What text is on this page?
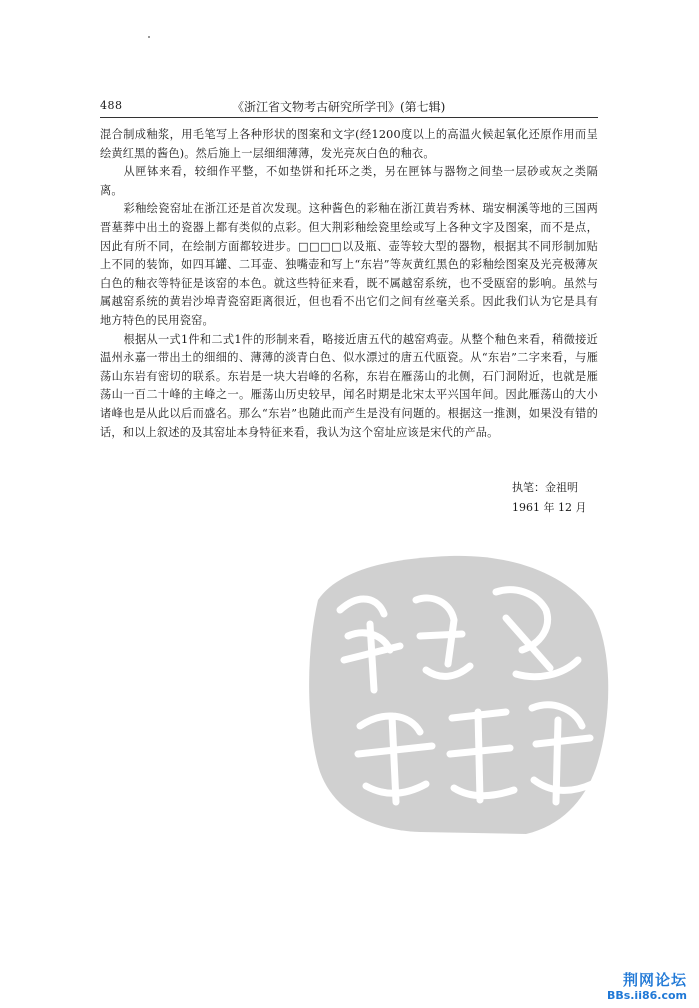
488	《浙江省文物考古研究所学刊》(第七辑)

混合制成釉浆，用毛笔写上各种形状的图案和文字(经1200度以上的高温火候起氧化还原作用而呈绘黄红黑的酱色)。然后施上一层细细薄薄，发光亮灰白色的釉衣。

从匣钵来看，较细作平整，不如垫饼和托环之类，另在匣钵与器物之间垫一层砂或灰之类隔离。

彩釉绘瓷窑址在浙江还是首次发现。这种酱色的彩釉在浙江黄岩秀林、瑞安桐溪等地的三国两晋墓葬中出土的瓷器上都有类似的点彩。但大荆彩釉绘瓷里绘或写上各种文字及图案，而不是点，因此有所不同，在绘制方面都较进步。□□□□以及瓶、壶等较大型的器物，根据其不同形制加贴上不同的装饰，如四耳罐、二耳壶、独嘴壶和写上“东岩”等灰黄红黑色的彩釉绘图案及光亮极薄灰白色的釉衣等特征是该窑的本色。就这些特征来看，既不属越窑系统，也不受瓯窑的影响。虽然与属越窑系统的黄岩沙埠青瓷窑距离很近，但也看不出它们之间有丝毫关系。因此我们认为它是具有地方特色的民用瓷窑。

根据从一式1件和二式1件的形制来看，略接近唐五代的越窑鸡壶。从整个釉色来看，稍微接近温州永嘉一带出土的细细的、薄薄的淡青白色、似水漂过的唐五代瓯瓷。从“东岩”二字来看，与雁荡山东岩有密切的联系。东岩是一块大岩峰的名称，东岩在雁荡山的北侧，石门洞附近，也就是雁荡山一百二十峰的主峰之一。雁荡山历史较早，闻名时期是北宋太平兴国年间。因此雁荡山的大小诸峰也是从此以后而盛名。那么“东岩”也随此而产生是没有问题的。根据这一推测，如果没有错的话，和以上叙述的及其窑址本身特征来看，我认为这个窑址应该是宋代的产品。

执笔：金祖明
1961 年 12 月
荆网论坛
BBs.ii86.com
